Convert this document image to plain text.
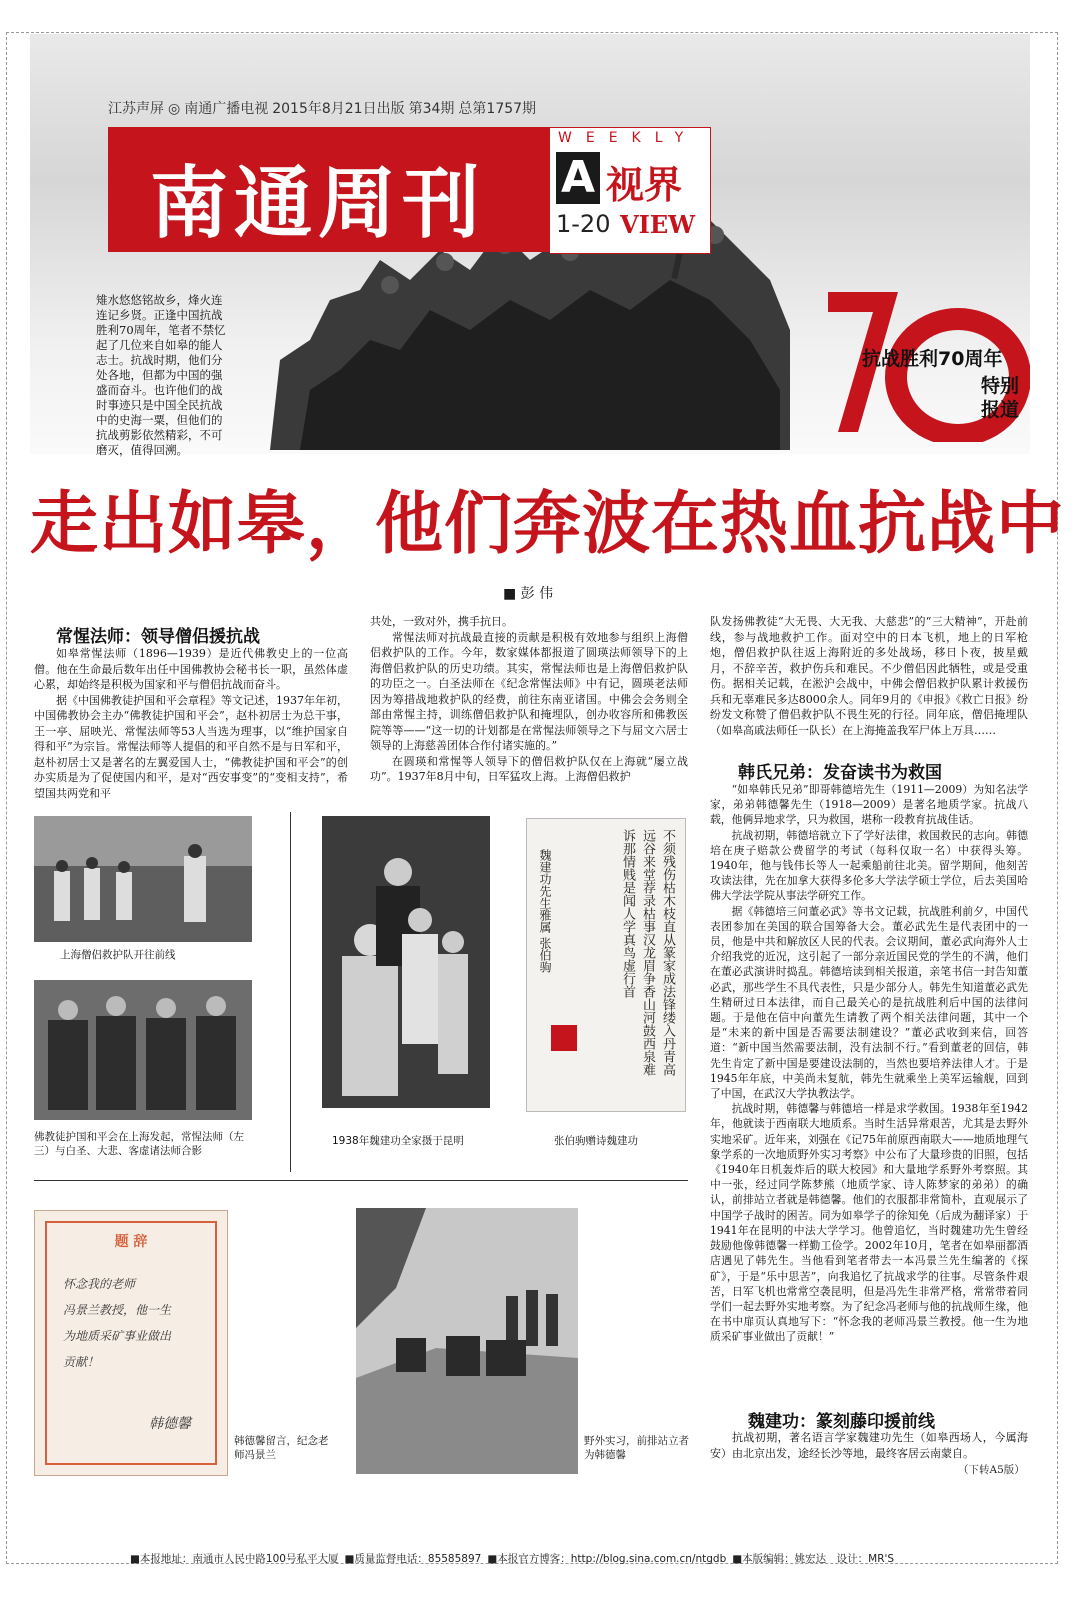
江苏声屏 ◎ 南通广播电视 2015年8月21日出版 第34期 总第1757期
南通周刊
WEEKLY
A 视界
1-20 VIEW
雉水悠悠铭故乡，烽火连连记乡贤。正逢中国抗战胜利70周年，笔者不禁忆起了几位来自如皋的能人志士。抗战时期，他们分处各地，但都为中国的强盛而奋斗。也许他们的战时事迹只是中国全民抗战中的史海一粟，但他们的抗战剪影依然精彩，不可磨灭，值得回溯。
抗战胜利70周年
特别报道
走出如皋，他们奔波在热血抗战中
■ 彭 伟
常惺法师：领导僧侣援抗战

如皋常惺法师（1896—1939）是近代佛教史上的一位高僧。他在生命最后数年出任中国佛教协会秘书长一职，虽然体虚心累，却始终是积极为国家和平与僧侣抗战而奋斗。

据《中国佛教徒护国和平会章程》等文记述，1937年年初，中国佛教协会主办“佛教徒护国和平会”，赵朴初居士为总干事，王一亭、屈映光、常惺法师等53人当选为理事，以“维护国家自得和平”为宗旨。常惺法师等人提倡的和平自然不是与日军和平，赵朴初居士又是著名的左翼爱国人士，“佛教徒护国和平会”的创办实质是为了促使国内和平，是对“西安事变”的“变相支持”，希望国共两党和平

共处，一致对外，携手抗日。

常惺法师对抗战最直接的贡献是积极有效地参与组织上海僧侣救护队的工作。今年，数家媒体都报道了圆瑛法师领导下的上海僧侣救护队的历史功绩。其实，常惺法师也是上海僧侣救护队的功臣之一。白圣法师在《纪念常惺法师》中有记，圆瑛老法师因为筹措战地救护队的经费，前往东南亚诸国。中佛会会务则全部由常惺主持，训练僧侣救护队和掩埋队，创办收容所和佛教医院等等——“这一切的计划都是在常惺法师领导之下与屈文六居士领导的上海慈善团体合作付诸实施的。”

在圆瑛和常惺等人领导下的僧侣救护队仅在上海就“屡立战功”。1937年8月中旬，日军猛攻上海。上海僧侣救护

队发扬佛教徒“大无畏、大无我、大慈悲”的“三大精神”，开赴前线，参与战地救护工作。面对空中的日本飞机，地上的日军枪炮，僧侣救护队往返上海附近的多处战场，移日卜夜，披星戴月，不辞辛苦，救护伤兵和难民。不少僧侣因此牺牲，或是受重伤。据相关记载，在淞沪会战中，中佛会僧侣救护队累计救援伤兵和无辜难民多达8000余人。同年9月的《申报》《救亡日报》纷纷发文称赞了僧侣救护队不畏生死的行径。同年底，僧侣掩埋队（如皋高戚法师任一队长）在上海掩盖我军尸体上万具……

韩氏兄弟：发奋读书为救国

“如皋韩氏兄弟”即哥韩德培先生（1911—2009）为知名法学家，弟弟韩德馨先生（1918—2009）是著名地质学家。抗战八载，他俩异地求学，只为救国，堪称一段教育抗战佳话。

抗战初期，韩德培就立下了学好法律，救国救民的志向。韩德培在庚子赔款公费留学的考试（每科仅取一名）中获得头筹。1940年，他与钱伟长等人一起乘船前往北美。留学期间，他刻苦攻读法律，先在加拿大获得多伦多大学法学硕士学位，后去美国哈佛大学法学院从事法学研究工作。

据《韩德培三问董必武》等书文记载，抗战胜利前夕，中国代表团参加在美国的联合国筹备大会。董必武先生是代表团中的一员，他是中共和解放区人民的代表。会议期间，董必武向海外人士介绍我党的近况，这引起了一部分亲近国民党的学生的不满，他们在董必武演讲时捣乱。韩德培读到相关报道，亲笔书信一封告知董必武，那些学生不具代表性，只是少部分人。韩先生知道董必武先生精研过日本法律，而自己最关心的是抗战胜利后中国的法律问题。于是他在信中向董先生请教了两个相关法律问题，其中一个是“未来的新中国是否需要法制建设？”董必武收到来信，回答道：“新中国当然需要法制，没有法制不行。”看到董老的回信，韩先生肯定了新中国是要建设法制的，当然也要培养法律人才。于是1945年年底，中美尚未复航，韩先生就乘坐上美军运输舰，回到了中国，在武汉大学执教法学。

抗战时期，韩德馨与韩德培一样是求学救国。1938年至1942年，他就读于西南联大地质系。当时生活异常艰苦，尤其是去野外实地采矿。近年来，刘强在《记75年前原西南联大——地质地理气象学系的一次地质野外实习考察》中公布了大量珍贵的旧照，包括《1940年日机轰炸后的联大校园》和大量地学系野外考察照。其中一张，经过同学陈梦熊（地质学家、诗人陈梦家的弟弟）的确认，前排站立者就是韩德馨。他们的衣服都非常简朴，直观展示了中国学子战时的困苦。同为如皋学子的徐知免（后成为翻译家）于1941年在昆明的中法大学学习。他曾追忆，当时魏建功先生曾经鼓励他像韩德馨一样勤工俭学。2002年10月，笔者在如皋丽都酒店遇见了韩先生。当他看到笔者带去一本冯景兰先生编著的《探矿》，于是“乐中思苦”，向我追忆了抗战求学的往事。尽管条件艰苦，日军飞机也常常空袭昆明，但是冯先生非常严格，常常带着同学们一起去野外实地考察。为了纪念冯老师与他的抗战师生缘，他在书中扉页认真地写下：“怀念我的老师冯景兰教授。他一生为地质采矿事业做出了贡献！”

魏建功：篆刻藤印援前线

抗战初期，著名语言学家魏建功先生（如皋西场人，今属海安）由北京出发，途经长沙等地，最终客居云南蒙自。

（下转A5版）
上海僧侣救护队开往前线
佛教徒护国和平会在上海发起，常惺法师（左三）与白圣、大悲、客虚诸法师合影
1938年魏建功全家摄于昆明
不须残伤枯木枝直从篆家成法锋缕入丹青高远谷来堂荐录枯事汉龙眉争香山河鼓西泉难诉那情贱是闻人学真鸟虚行首
魏建功先生雅属 张伯驹
张伯驹赠诗魏建功
题 辞
怀念我的老师
冯景兰教授，他一生
为地质采矿事业做出
贡献！
韩德馨
韩德馨留言，纪念老师冯景兰
野外实习，前排站立者为韩德馨
■本报地址：南通市人民中路100号私平大厦 ■质量监督电话：85585897 ■本报官方博客：http://blog.sina.com.cn/ntgdb ■本版编辑：姚宏达　设计：MR'S
